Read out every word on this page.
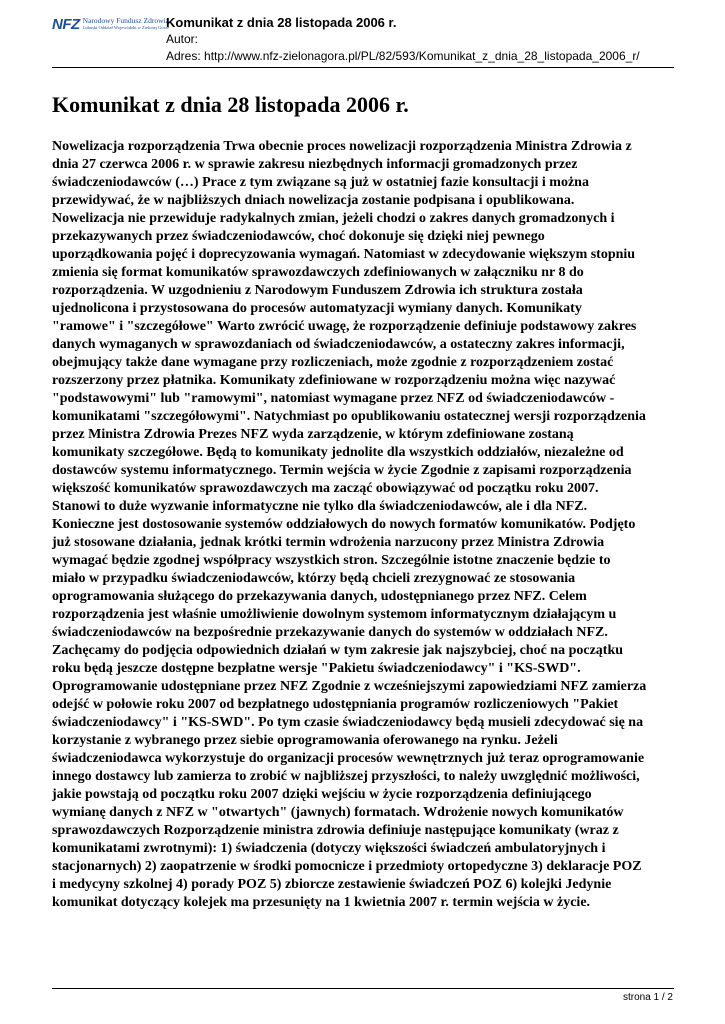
NFZ Narodowy Fundusz Zdrowia
Lubuski Oddział Wojewódzki w Zielonej Górze
Komunikat z dnia 28 listopada 2006 r.
Autor:
Adres: http://www.nfz-zielonagora.pl/PL/82/593/Komunikat_z_dnia_28_listopada_2006_r/
Komunikat z dnia 28 listopada 2006 r.
Nowelizacja rozporządzenia Trwa obecnie proces nowelizacji rozporządzenia Ministra Zdrowia z
dnia 27 czerwca 2006 r. w sprawie zakresu niezbędnych informacji gromadzonych przez
świadczeniodawców (…) Prace z tym związane są już w ostatniej fazie konsultacji i można
przewidywać, że w najbliższych dniach nowelizacja zostanie podpisana i opublikowana.
Nowelizacja nie przewiduje radykalnych zmian, jeżeli chodzi o zakres danych gromadzonych i
przekazywanych przez świadczeniodawców, choć dokonuje się dzięki niej pewnego
uporządkowania pojęć i doprecyzowania wymagań. Natomiast w zdecydowanie większym stopniu
zmienia się format komunikatów sprawozdawczych zdefiniowanych w załączniku nr 8 do
rozporządzenia. W uzgodnieniu z Narodowym Funduszem Zdrowia ich struktura została
ujednolicona i przystosowana do procesów automatyzacji wymiany danych. Komunikaty
"ramowe" i "szczegółowe" Warto zwrócić uwagę, że rozporządzenie definiuje podstawowy zakres
danych wymaganych w sprawozdaniach od świadczeniodawców, a ostateczny zakres informacji,
obejmujący także dane wymagane przy rozliczeniach, może zgodnie z rozporządzeniem zostać
rozszerzony przez płatnika. Komunikaty zdefiniowane w rozporządzeniu można więc nazywać
"podstawowymi" lub "ramowymi", natomiast wymagane przez NFZ od świadczeniodawców -
komunikatami "szczegółowymi". Natychmiast po opublikowaniu ostatecznej wersji rozporządzenia
przez Ministra Zdrowia Prezes NFZ wyda zarządzenie, w którym zdefiniowane zostaną
komunikaty szczegółowe. Będą to komunikaty jednolite dla wszystkich oddziałów, niezależne od
dostawców systemu informatycznego. Termin wejścia w życie Zgodnie z zapisami rozporządzenia
większość komunikatów sprawozdawczych ma zacząć obowiązywać od początku roku 2007.
Stanowi to duże wyzwanie informatyczne nie tylko dla świadczeniodawców, ale i dla NFZ.
Konieczne jest dostosowanie systemów oddziałowych do nowych formatów komunikatów. Podjęto
już stosowane działania, jednak krótki termin wdrożenia narzucony przez Ministra Zdrowia
wymagać będzie zgodnej współpracy wszystkich stron. Szczególnie istotne znaczenie będzie to
miało w przypadku świadczeniodawców, którzy będą chcieli zrezygnować ze stosowania
oprogramowania służącego do przekazywania danych, udostępnianego przez NFZ. Celem
rozporządzenia jest właśnie umożliwienie dowolnym systemom informatycznym działającym u
świadczeniodawców na bezpośrednie przekazywanie danych do systemów w oddziałach NFZ.
Zachęcamy do podjęcia odpowiednich działań w tym zakresie jak najszybciej, choć na początku
roku będą jeszcze dostępne bezpłatne wersje "Pakietu świadczeniodawcy" i "KS-SWD".
Oprogramowanie udostępniane przez NFZ Zgodnie z wcześniejszymi zapowiedziami NFZ zamierza
odejść w połowie roku 2007 od bezpłatnego udostępniania programów rozliczeniowych "Pakiet
świadczeniodawcy" i "KS-SWD". Po tym czasie świadczeniodawcy będą musieli zdecydować się na
korzystanie z wybranego przez siebie oprogramowania oferowanego na rynku. Jeżeli
świadczeniodawca wykorzystuje do organizacji procesów wewnętrznych już teraz oprogramowanie
innego dostawcy lub zamierza to zrobić w najbliższej przyszłości, to należy uwzględnić możliwości,
jakie powstają od początku roku 2007 dzięki wejściu w życie rozporządzenia definiującego
wymianę danych z NFZ w "otwartych" (jawnych) formatach. Wdrożenie nowych komunikatów
sprawozdawczych Rozporządzenie ministra zdrowia definiuje następujące komunikaty (wraz z
komunikatami zwrotnymi): 1) świadczenia (dotyczy większości świadczeń ambulatoryjnych i
stacjonarnych) 2) zaopatrzenie w środki pomocnicze i przedmioty ortopedyczne 3) deklaracje POZ
i medycyny szkolnej 4) porady POZ 5) zbiorcze zestawienie świadczeń POZ 6) kolejki Jedynie
komunikat dotyczący kolejek ma przesunięty na 1 kwietnia 2007 r. termin wejścia w życie.
strona 1 / 2
